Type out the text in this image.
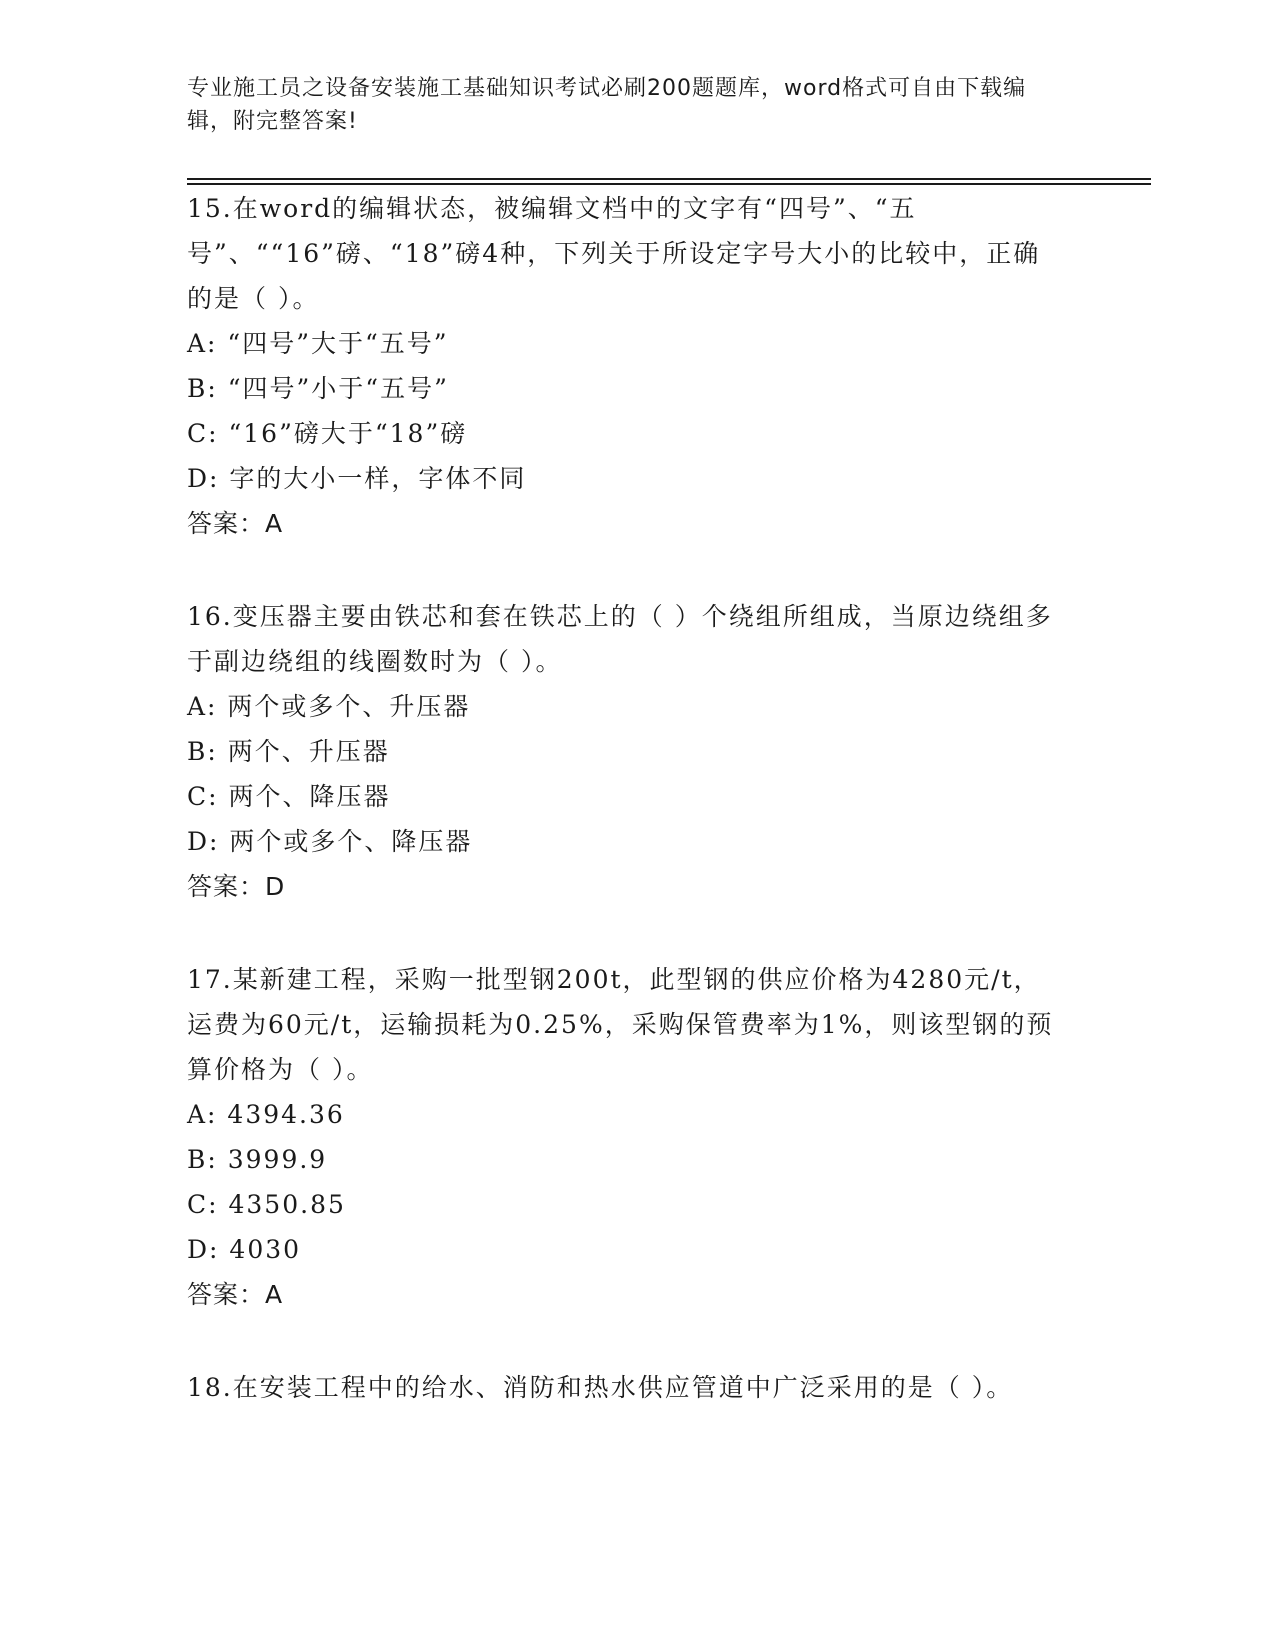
专业施工员之设备安装施工基础知识考试必刷200题题库，word格式可自由下载编辑，附完整答案!

15.在word的编辑状态，被编辑文档中的文字有“四号”、“五号”、““16”磅、“18”磅4种，下列关于所设定字号大小的比较中，正确的是（ ）。

A: “四号”大于“五号”

B: “四号”小于“五号”

C: “16”磅大于“18”磅

D: 字的大小一样，字体不同

答案：A

16.变压器主要由铁芯和套在铁芯上的（ ）个绕组所组成，当原边绕组多于副边绕组的线圈数时为（ ）。

A: 两个或多个、升压器

B: 两个、升压器

C: 两个、降压器

D: 两个或多个、降压器

答案：D

17.某新建工程，采购一批型钢200t，此型钢的供应价格为4280元/t，运费为60元/t，运输损耗为0.25%，采购保管费率为1%，则该型钢的预算价格为（ ）。

A: 4394.36

B: 3999.9

C: 4350.85

D: 4030

答案：A

18.在安装工程中的给水、消防和热水供应管道中广泛采用的是（ ）。
